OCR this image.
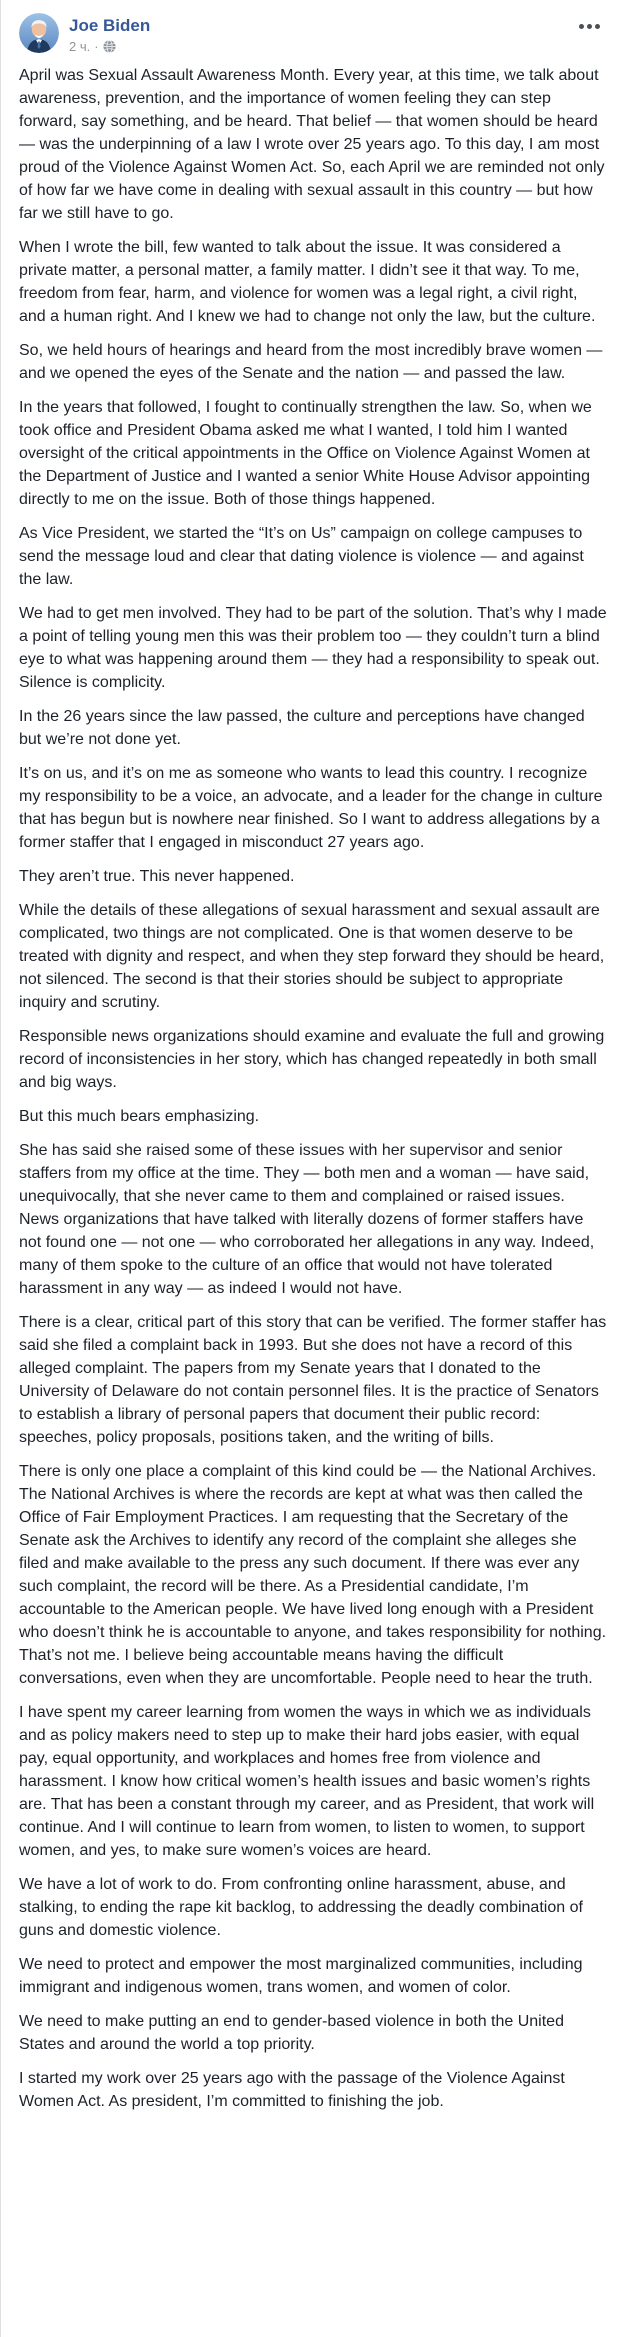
Joe Biden
2 ч. ·

April was Sexual Assault Awareness Month. Every year, at this time, we talk about awareness, prevention, and the importance of women feeling they can step forward, say something, and be heard. That belief — that women should be heard — was the underpinning of a law I wrote over 25 years ago. To this day, I am most proud of the Violence Against Women Act. So, each April we are reminded not only of how far we have come in dealing with sexual assault in this country — but how far we still have to go.

When I wrote the bill, few wanted to talk about the issue. It was considered a private matter, a personal matter, a family matter. I didn’t see it that way. To me, freedom from fear, harm, and violence for women was a legal right, a civil right, and a human right. And I knew we had to change not only the law, but the culture.

So, we held hours of hearings and heard from the most incredibly brave women — and we opened the eyes of the Senate and the nation — and passed the law.

In the years that followed, I fought to continually strengthen the law. So, when we took office and President Obama asked me what I wanted, I told him I wanted oversight of the critical appointments in the Office on Violence Against Women at the Department of Justice and I wanted a senior White House Advisor appointing directly to me on the issue. Both of those things happened.

As Vice President, we started the “It’s on Us” campaign on college campuses to send the message loud and clear that dating violence is violence — and against the law.

We had to get men involved. They had to be part of the solution. That’s why I made a point of telling young men this was their problem too — they couldn’t turn a blind eye to what was happening around them — they had a responsibility to speak out. Silence is complicity.

In the 26 years since the law passed, the culture and perceptions have changed but we’re not done yet.

It’s on us, and it’s on me as someone who wants to lead this country. I recognize my responsibility to be a voice, an advocate, and a leader for the change in culture that has begun but is nowhere near finished. So I want to address allegations by a former staffer that I engaged in misconduct 27 years ago.

They aren’t true. This never happened.

While the details of these allegations of sexual harassment and sexual assault are complicated, two things are not complicated. One is that women deserve to be treated with dignity and respect, and when they step forward they should be heard, not silenced. The second is that their stories should be subject to appropriate inquiry and scrutiny.

Responsible news organizations should examine and evaluate the full and growing record of inconsistencies in her story, which has changed repeatedly in both small and big ways.

But this much bears emphasizing.

She has said she raised some of these issues with her supervisor and senior staffers from my office at the time. They — both men and a woman — have said, unequivocally, that she never came to them and complained or raised issues. News organizations that have talked with literally dozens of former staffers have not found one — not one — who corroborated her allegations in any way. Indeed, many of them spoke to the culture of an office that would not have tolerated harassment in any way — as indeed I would not have.

There is a clear, critical part of this story that can be verified. The former staffer has said she filed a complaint back in 1993. But she does not have a record of this alleged complaint. The papers from my Senate years that I donated to the University of Delaware do not contain personnel files. It is the practice of Senators to establish a library of personal papers that document their public record: speeches, policy proposals, positions taken, and the writing of bills.

There is only one place a complaint of this kind could be — the National Archives. The National Archives is where the records are kept at what was then called the Office of Fair Employment Practices. I am requesting that the Secretary of the Senate ask the Archives to identify any record of the complaint she alleges she filed and make available to the press any such document. If there was ever any such complaint, the record will be there. As a Presidential candidate, I’m accountable to the American people. We have lived long enough with a President who doesn’t think he is accountable to anyone, and takes responsibility for nothing. That’s not me. I believe being accountable means having the difficult conversations, even when they are uncomfortable. People need to hear the truth.

I have spent my career learning from women the ways in which we as individuals and as policy makers need to step up to make their hard jobs easier, with equal pay, equal opportunity, and workplaces and homes free from violence and harassment. I know how critical women’s health issues and basic women’s rights are. That has been a constant through my career, and as President, that work will continue. And I will continue to learn from women, to listen to women, to support women, and yes, to make sure women’s voices are heard.

We have a lot of work to do. From confronting online harassment, abuse, and stalking, to ending the rape kit backlog, to addressing the deadly combination of guns and domestic violence.

We need to protect and empower the most marginalized communities, including immigrant and indigenous women, trans women, and women of color.

We need to make putting an end to gender-based violence in both the United States and around the world a top priority.

I started my work over 25 years ago with the passage of the Violence Against Women Act. As president, I’m committed to finishing the job.
